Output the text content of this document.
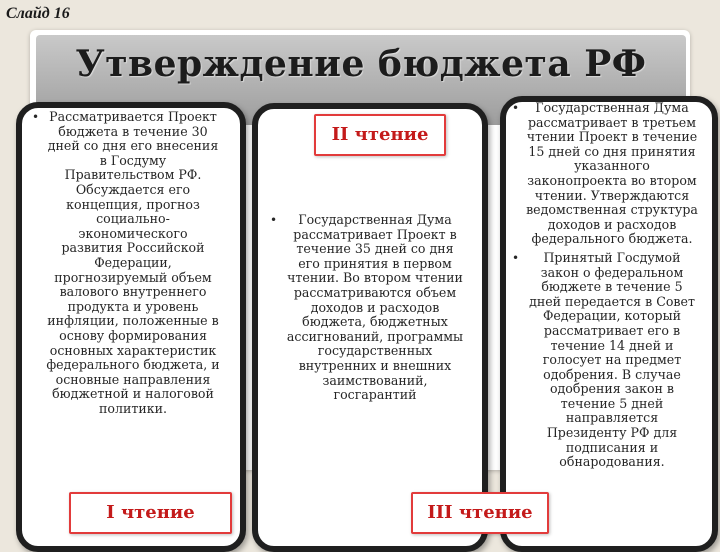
Слайд 16
Утверждение бюджета РФ
• Рассматривается Проект бюджета в течение 30 дней со дня его внесения в Госдуму Правительством РФ. Обсуждается его концепция, прогноз социально-экономического развития Российской Федерации, прогнозируемый объем валового внутреннего продукта и уровень инфляции, положенные в основу формирования основных характеристик федерального бюджета, и основные направления бюджетной и налоговой политики.
• Государственная Дума рассматривает Проект в течение 35 дней со дня его принятия в первом чтении. Во втором чтении рассматриваются объем доходов и расходов бюджета, бюджетных ассигнований, программы государственных внутренних и внешних заимствований, госгарантий
• Государственная Дума рассматривает в третьем чтении Проект в течение 15 дней со дня принятия указанного законопроекта во втором чтении. Утверждаются ведомственная структура доходов и расходов федерального бюджета.
• Принятый Госдумой закон о федеральном бюджете в течение 5 дней передается в Совет Федерации, который рассматривает его в течение 14 дней и голосует на предмет одобрения. В случае одобрения закон в течение 5 дней направляется Президенту РФ для подписания и обнародования.
I чтение
II чтение
III чтение
